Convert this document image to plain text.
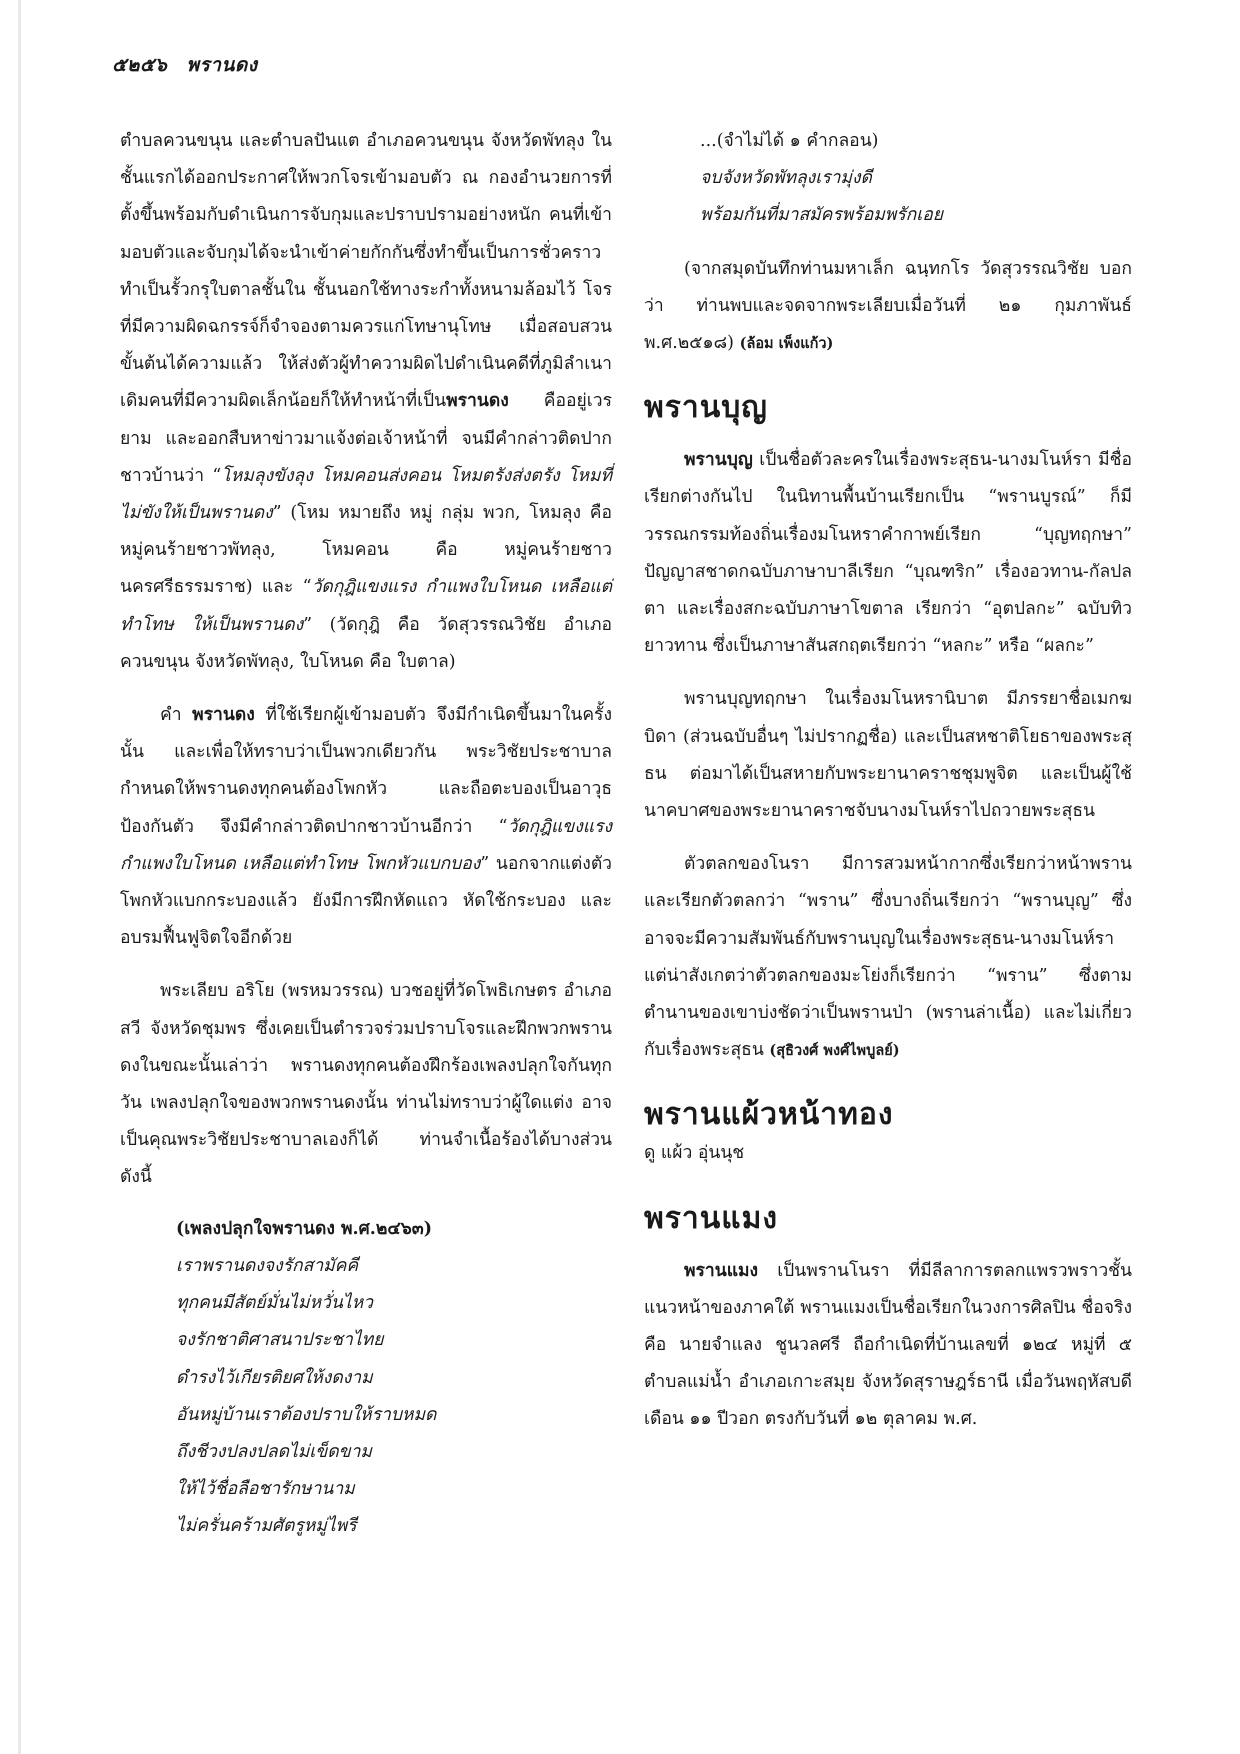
๕๒๕๖ พรานดง

ตำบลควนขนุน และตำบลปันแต อำเภอควนขนุน จังหวัดพัทลุง ในชั้นแรกได้ออกประกาศให้พวกโจรเข้ามอบตัว ณ กองอำนวยการที่ตั้งขึ้นพร้อมกับดำเนินการจับกุมและปราบปรามอย่างหนัก คนที่เข้ามอบตัวและจับกุมได้จะนำเข้าค่ายกักกันซึ่งทำขึ้นเป็นการชั่วคราว ทำเป็นรั้วกรุใบตาลชั้นใน ชั้นนอกใช้ทางระกำทั้งหนามล้อมไว้ โจรที่มีความผิดฉกรรจ์ก็จำจองตามควรแก่โทษานุโทษ เมื่อสอบสวนขั้นต้นได้ความแล้ว ให้ส่งตัวผู้ทำความผิดไปดำเนินคดีที่ภูมิลำเนาเดิมคนที่มีความผิดเล็กน้อยก็ให้ทำหน้าที่เป็นพรานดง คืออยู่เวรยาม และออกสืบหาข่าวมาแจ้งต่อเจ้าหน้าที่ จนมีคำกล่าวติดปากชาวบ้านว่า “โหมลุงขังลุง โหมคอนส่งคอน โหมตรังส่งตรัง โหมที่ไม่ขังให้เป็นพรานดง” (โหม หมายถึง หมู่ กลุ่ม พวก, โหมลุง คือ หมู่คนร้ายชาวพัทลุง, โหมคอน คือ หมู่คนร้ายชาวนครศรีธรรมราช) และ “วัดกุฎิแขงแรง กำแพงใบโหนด เหลือแต่ทำโทษ ให้เป็นพรานดง” (วัดกุฎิ คือ วัดสุวรรณวิชัย อำเภอควนขนุน จังหวัดพัทลุง, ใบโหนด คือ ใบตาล)

คำ พรานดง ที่ใช้เรียกผู้เข้ามอบตัว จึงมีกำเนิดขึ้นมาในครั้งนั้น และเพื่อให้ทราบว่าเป็นพวกเดียวกัน พระวิชัยประชาบาลกำหนดให้พรานดงทุกคนต้องโพกหัว และถือตะบองเป็นอาวุธป้องกันตัว จึงมีคำกล่าวติดปากชาวบ้านอีกว่า “วัดกุฎิแขงแรง กำแพงใบโหนด เหลือแต่ทำโทษ โพกหัวแบกบอง” นอกจากแต่งตัวโพกหัวแบกกระบองแล้ว ยังมีการฝึกหัดแถว หัดใช้กระบอง และอบรมฟื้นฟูจิตใจอีกด้วย

พระเลียบ อริโย (พรหมวรรณ) บวชอยู่ที่วัดโพธิเกษตร อำเภอสวี จังหวัดชุมพร ซึ่งเคยเป็นตำรวจร่วมปราบโจรและฝึกพวกพรานดงในขณะนั้นเล่าว่า พรานดงทุกคนต้องฝึกร้องเพลงปลุกใจกันทุกวัน เพลงปลุกใจของพวกพรานดงนั้น ท่านไม่ทราบว่าผู้ใดแต่ง อาจเป็นคุณพระวิชัยประชาบาลเองก็ได้ ท่านจำเนื้อร้องได้บางส่วน ดังนี้

(เพลงปลุกใจพรานดง พ.ศ.๒๔๖๓)
เราพรานดงจงรักสามัคคี
ทุกคนมีสัตย์มั่นไม่หวั่นไหว
จงรักชาติศาสนาประชาไทย
ดำรงไว้เกียรติยศให้งดงาม
อันหมู่บ้านเราต้องปราบให้ราบหมด
ถึงชีวงปลงปลดไม่เข็ดขาม
ให้ไว้ชื่อลือชารักษานาม
ไม่ครั่นคร้ามศัตรูหมู่ไพรี
...(จำไม่ได้ ๑ คำกลอน)
จบจังหวัดพัทลุงเรามุ่งดี
พร้อมกันที่มาสมัครพร้อมพรักเอย

(จากสมุดบันทึกท่านมหาเล็ก ฉนฺทกโร วัดสุวรรณวิชัย บอกว่า ท่านพบและจดจากพระเลียบเมื่อวันที่ ๒๑ กุมภาพันธ์ พ.ศ.๒๕๑๘) (ล้อม เพ็งแก้ว)

พรานบุญ

พรานบุญ เป็นชื่อตัวละครในเรื่องพระสุธน-นางมโนห์รา มีชื่อเรียกต่างกันไป ในนิทานพื้นบ้านเรียกเป็น “พรานบูรณ์” ก็มี วรรณกรรมท้องถิ่นเรื่องมโนหราคำกาพย์เรียก “บุญทฤกษา” ปัญญาสชาดกฉบับภาษาบาลีเรียก “บุณฑริก” เรื่องอวทาน-กัลปลตา และเรื่องสกะฉบับภาษาโขตาล เรียกว่า “อุตปลกะ” ฉบับทิวยาวทาน ซึ่งเป็นภาษาสันสกฤตเรียกว่า “หลกะ” หรือ “ผลกะ”

พรานบุญทฤกษา ในเรื่องมโนหรานิบาต มีภรรยาชื่อเมกฆบิดา (ส่วนฉบับอื่นๆ ไม่ปรากฏชื่อ) และเป็นสหชาติโยธาของพระสุธน ต่อมาได้เป็นสหายกับพระยานาคราชชุมพูจิต และเป็นผู้ใช้นาคบาศของพระยานาคราชจับนางมโนห์ราไปถวายพระสุธน

ตัวตลกของโนรา มีการสวมหน้ากากซึ่งเรียกว่าหน้าพราน และเรียกตัวตลกว่า “พราน” ซึ่งบางถิ่นเรียกว่า “พรานบุญ” ซึ่งอาจจะมีความสัมพันธ์กับพรานบุญในเรื่องพระสุธน-นางมโนห์รา แต่น่าสังเกตว่าตัวตลกของมะโย่งก็เรียกว่า “พราน” ซึ่งตามตำนานของเขาบ่งชัดว่าเป็นพรานป่า (พรานล่าเนื้อ) และไม่เกี่ยวกับเรื่องพระสุธน (สุธิวงศ์ พงศ์ไพบูลย์)

พรานแผ้วหน้าทอง

ดู แผ้ว อุ่นนุช

พรานแมง

พรานแมง เป็นพรานโนรา ที่มีลีลาการตลกแพรวพราวชั้นแนวหน้าของภาคใต้ พรานแมงเป็นชื่อเรียกในวงการศิลปิน ชื่อจริงคือ นายจำแลง ชูนวลศรี ถือกำเนิดที่บ้านเลขที่ ๑๒๔ หมู่ที่ ๕ ตำบลแม่น้ำ อำเภอเกาะสมุย จังหวัดสุราษฎร์ธานี เมื่อวันพฤหัสบดี เดือน ๑๑ ปีวอก ตรงกับวันที่ ๑๒ ตุลาคม พ.ศ.
